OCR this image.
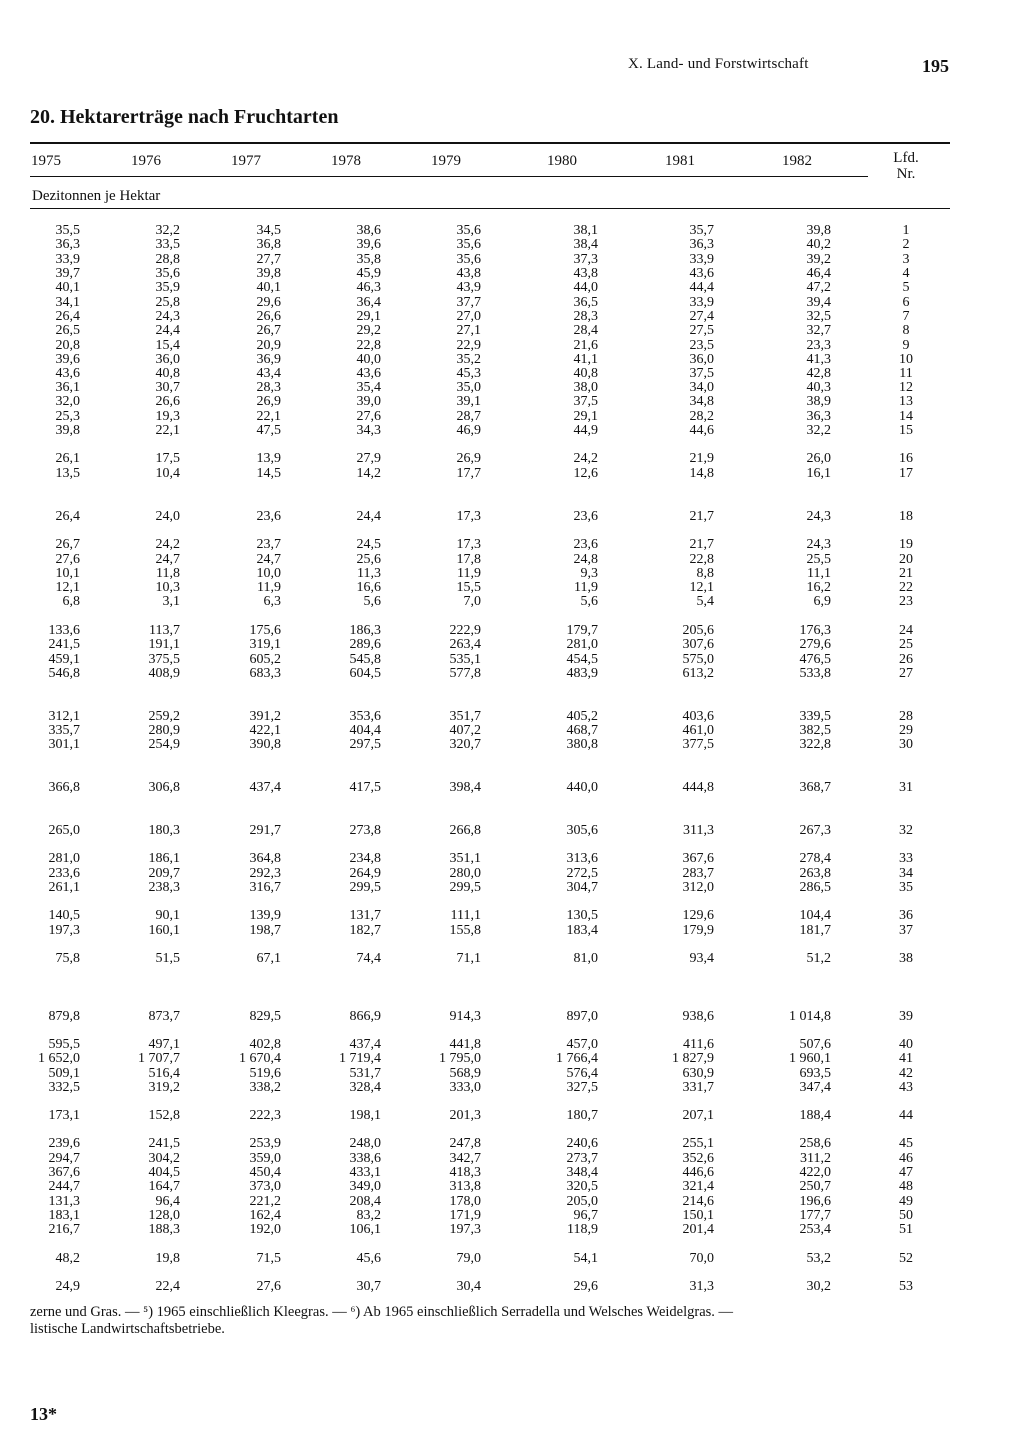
X. Land- und Forstwirtschaft	195
20. Hektarerträge nach Fruchtarten
1975	1976	1977	1978	1979	1980	1981	1982	Lfd.
Nr.
Dezitonnen je Hektar
35,5	32,2	34,5	38,6	35,6	38,1	35,7	39,8	1
36,3	33,5	36,8	39,6	35,6	38,4	36,3	40,2	2
33,9	28,8	27,7	35,8	35,6	37,3	33,9	39,2	3
39,7	35,6	39,8	45,9	43,8	43,8	43,6	46,4	4
40,1	35,9	40,1	46,3	43,9	44,0	44,4	47,2	5
34,1	25,8	29,6	36,4	37,7	36,5	33,9	39,4	6
26,4	24,3	26,6	29,1	27,0	28,3	27,4	32,5	7
26,5	24,4	26,7	29,2	27,1	28,4	27,5	32,7	8
20,8	15,4	20,9	22,8	22,9	21,6	23,5	23,3	9
39,6	36,0	36,9	40,0	35,2	41,1	36,0	41,3	10
43,6	40,8	43,4	43,6	45,3	40,8	37,5	42,8	11
36,1	30,7	28,3	35,4	35,0	38,0	34,0	40,3	12
32,0	26,6	26,9	39,0	39,1	37,5	34,8	38,9	13
25,3	19,3	22,1	27,6	28,7	29,1	28,2	36,3	14
39,8	22,1	47,5	34,3	46,9	44,9	44,6	32,2	15
26,1	17,5	13,9	27,9	26,9	24,2	21,9	26,0	16
13,5	10,4	14,5	14,2	17,7	12,6	14,8	16,1	17
26,4	24,0	23,6	24,4	17,3	23,6	21,7	24,3	18
26,7	24,2	23,7	24,5	17,3	23,6	21,7	24,3	19
27,6	24,7	24,7	25,6	17,8	24,8	22,8	25,5	20
10,1	11,8	10,0	11,3	11,9	9,3	8,8	11,1	21
12,1	10,3	11,9	16,6	15,5	11,9	12,1	16,2	22
6,8	3,1	6,3	5,6	7,0	5,6	5,4	6,9	23
133,6	113,7	175,6	186,3	222,9	179,7	205,6	176,3	24
241,5	191,1	319,1	289,6	263,4	281,0	307,6	279,6	25
459,1	375,5	605,2	545,8	535,1	454,5	575,0	476,5	26
546,8	408,9	683,3	604,5	577,8	483,9	613,2	533,8	27
312,1	259,2	391,2	353,6	351,7	405,2	403,6	339,5	28
335,7	280,9	422,1	404,4	407,2	468,7	461,0	382,5	29
301,1	254,9	390,8	297,5	320,7	380,8	377,5	322,8	30
366,8	306,8	437,4	417,5	398,4	440,0	444,8	368,7	31
265,0	180,3	291,7	273,8	266,8	305,6	311,3	267,3	32
281,0	186,1	364,8	234,8	351,1	313,6	367,6	278,4	33
233,6	209,7	292,3	264,9	280,0	272,5	283,7	263,8	34
261,1	238,3	316,7	299,5	299,5	304,7	312,0	286,5	35
140,5	90,1	139,9	131,7	111,1	130,5	129,6	104,4	36
197,3	160,1	198,7	182,7	155,8	183,4	179,9	181,7	37
75,8	51,5	67,1	74,4	71,1	81,0	93,4	51,2	38
879,8	873,7	829,5	866,9	914,3	897,0	938,6	1 014,8	39
595,5	497,1	402,8	437,4	441,8	457,0	411,6	507,6	40
1 652,0	1 707,7	1 670,4	1 719,4	1 795,0	1 766,4	1 827,9	1 960,1	41
509,1	516,4	519,6	531,7	568,9	576,4	630,9	693,5	42
332,5	319,2	338,2	328,4	333,0	327,5	331,7	347,4	43
173,1	152,8	222,3	198,1	201,3	180,7	207,1	188,4	44
239,6	241,5	253,9	248,0	247,8	240,6	255,1	258,6	45
294,7	304,2	359,0	338,6	342,7	273,7	352,6	311,2	46
367,6	404,5	450,4	433,1	418,3	348,4	446,6	422,0	47
244,7	164,7	373,0	349,0	313,8	320,5	321,4	250,7	48
131,3	96,4	221,2	208,4	178,0	205,0	214,6	196,6	49
183,1	128,0	162,4	83,2	171,9	96,7	150,1	177,7	50
216,7	188,3	192,0	106,1	197,3	118,9	201,4	253,4	51
48,2	19,8	71,5	45,6	79,0	54,1	70,0	53,2	52
24,9	22,4	27,6	30,7	30,4	29,6	31,3	30,2	53
zerne und Gras. — ⁵) 1965 einschließlich Kleegras. — ⁶) Ab 1965 einschließlich Serradella und Welsches Weidelgras. —
listische Landwirtschaftsbetriebe.
13*
